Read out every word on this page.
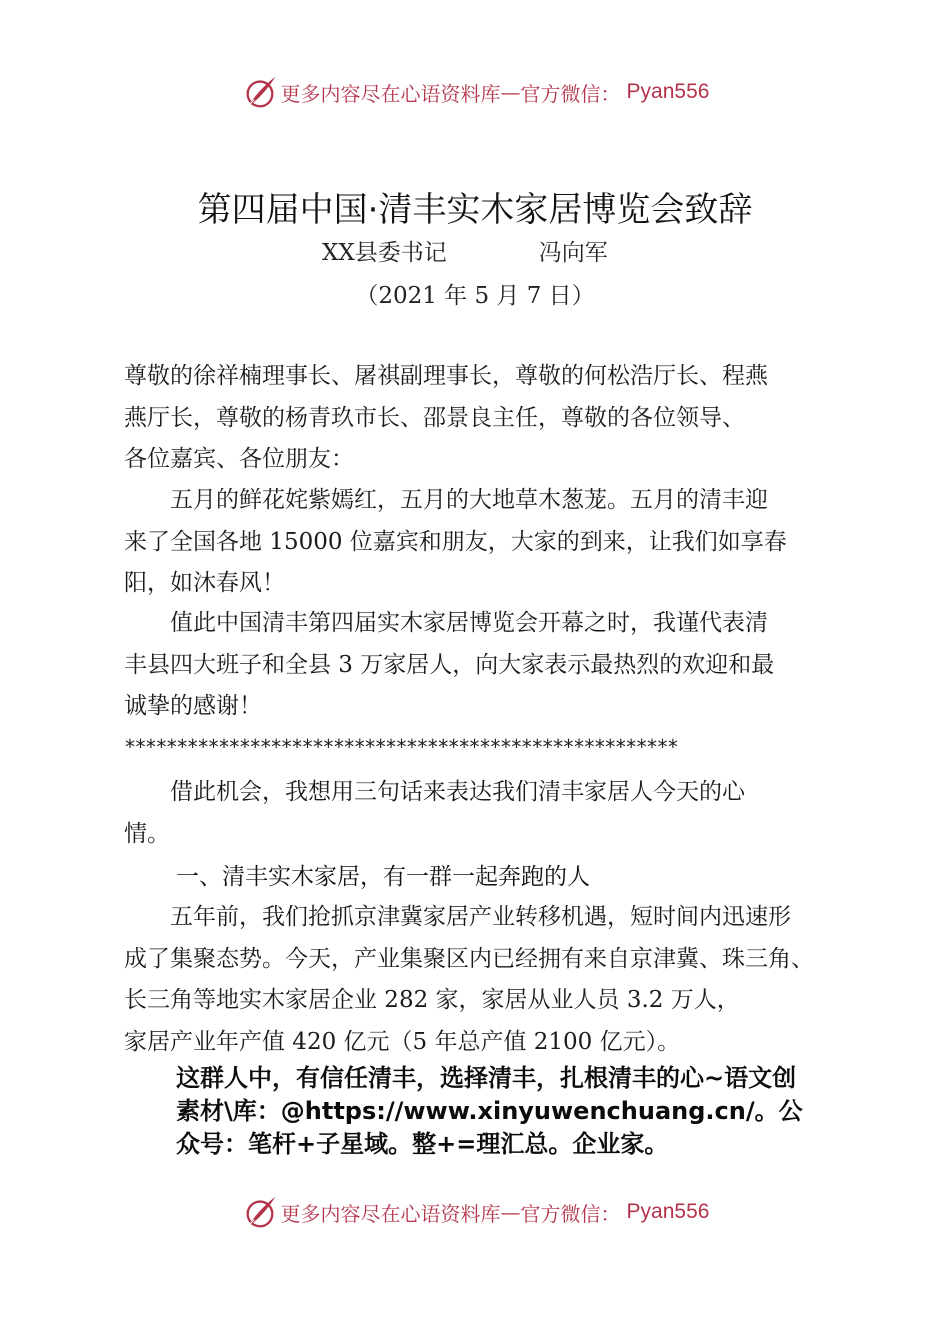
更多内容尽在心语资料库 — 官方微信： Pyan556
第四届中国·清丰实木家居博览会致辞
XX县委书记	冯向军
（2021 年 5 月 7 日）
尊敬的徐祥楠理事长、屠祺副理事长，尊敬的何松浩厅长、程燕
燕厅长，尊敬的杨青玖市长、邵景良主任，尊敬的各位领导、
各位嘉宾、各位朋友：
　　五月的鲜花姹紫嫣红，五月的大地草木葱茏。五月的清丰迎
来了全国各地 15000 位嘉宾和朋友，大家的到来，让我们如享春
阳，如沐春风！
　　值此中国清丰第四届实木家居博览会开幕之时，我谨代表清
丰县四大班子和全县 3 万家居人，向大家表示最热烈的欢迎和最
诚挚的感谢！
*****************************************************
　　借此机会，我想用三句话来表达我们清丰家居人今天的心
情。
一、清丰实木家居，有一群一起奔跑的人
　　五年前，我们抢抓京津冀家居产业转移机遇，短时间内迅速形
成了集聚态势。今天，产业集聚区内已经拥有来自京津冀、珠三角、
长三角等地实木家居企业 282 家，家居从业人员 3.2 万人，
家居产业年产值 420 亿元（5 年总产值 2100 亿元）。
这群人中，有信任清丰，选择清丰，扎根清丰的心~语文创
素材\库：@https://www.xinyuwenchuang.cn/。公
众号：笔杆+子星域。整+=理汇总。企业家。
更多内容尽在心语资料库 — 官方微信： Pyan556
